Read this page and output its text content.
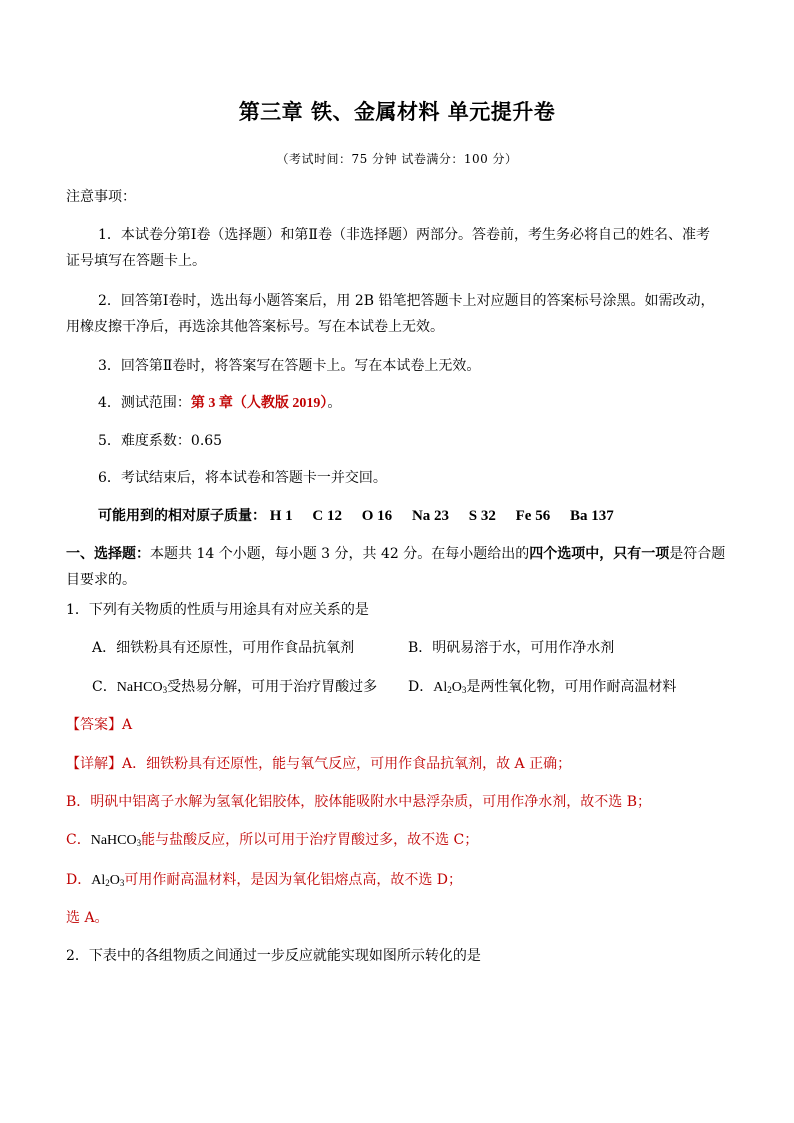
第三章 铁、金属材料 单元提升卷
（考试时间：75 分钟 试卷满分：100 分）
注意事项：
1．本试卷分第Ⅰ卷（选择题）和第Ⅱ卷（非选择题）两部分。答卷前，考生务必将自己的姓名、准考
证号填写在答题卡上。
2．回答第Ⅰ卷时，选出每小题答案后，用 2B 铅笔把答题卡上对应题目的答案标号涂黑。如需改动，
用橡皮擦干净后，再选涂其他答案标号。写在本试卷上无效。
3．回答第Ⅱ卷时，将答案写在答题卡上。写在本试卷上无效。
4．测试范围：第 3 章（人教版 2019）。
5．难度系数：0.65
6．考试结束后，将本试卷和答题卡一并交回。
可能用到的相对原子质量： H 1 C 12 O 16 Na 23 S 32 Fe 56 Ba 137
一、选择题：本题共 14 个小题，每小题 3 分，共 42 分。在每小题给出的四个选项中，只有一项是符合题
目要求的。
1．下列有关物质的性质与用途具有对应关系的是
A．细铁粉具有还原性，可用作食品抗氧剂	B．明矾易溶于水，可用作净水剂
C．NaHCO$_3$受热易分解，可用于治疗胃酸过多 D．$Al_2O_3$是两性氧化物，可用作耐高温材料
【答案】A
【详解】A．细铁粉具有还原性，能与氧气反应，可用作食品抗氧剂，故 A 正确；
B．明矾中铝离子水解为氢氧化铝胶体，胶体能吸附水中悬浮杂质，可用作净水剂，故不选 B；
C．NaHCO$_3$能与盐酸反应，所以可用于治疗胃酸过多，故不选 C；
D．$Al_2O_3$可用作耐高温材料，是因为氧化铝熔点高，故不选 D；
选 A。
2．下表中的各组物质之间通过一步反应就能实现如图所示转化的是
